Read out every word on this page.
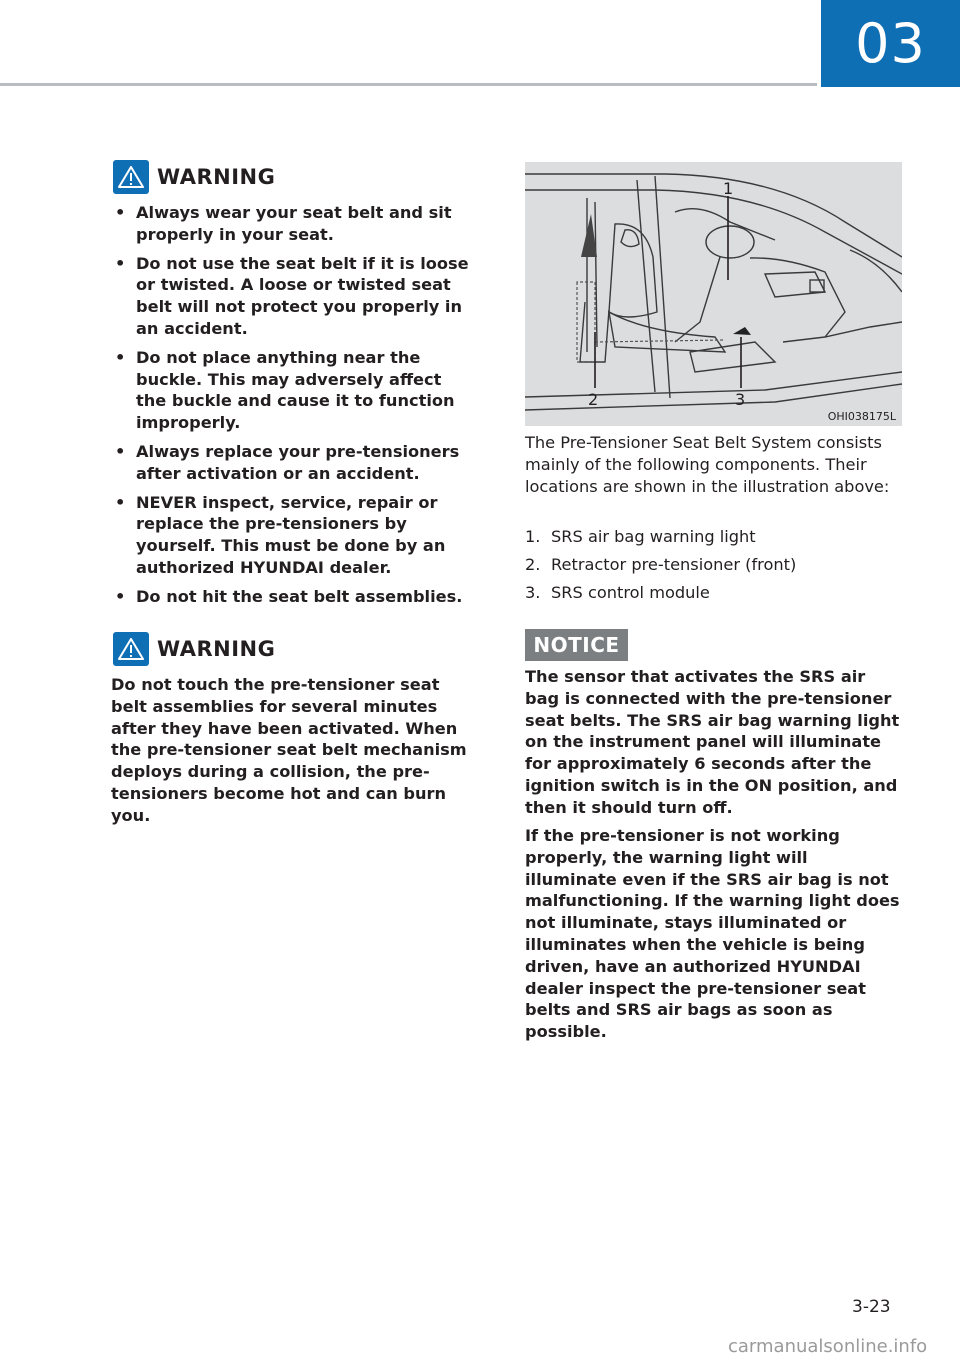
03
WARNING
• Always wear your seat belt and sit properly in your seat.
• Do not use the seat belt if it is loose or twisted. A loose or twisted seat belt will not protect you properly in an accident.
• Do not place anything near the buckle. This may adversely affect the buckle and cause it to function improperly.
• Always replace your pre-tensioners after activation or an accident.
• NEVER inspect, service, repair or replace the pre-tensioners by yourself. This must be done by an authorized HYUNDAI dealer.
• Do not hit the seat belt assemblies.
WARNING

Do not touch the pre-tensioner seat belt assemblies for several minutes after they have been activated. When the pre-tensioner seat belt mechanism deploys during a collision, the pre-tensioners become hot and can burn you.

1
2	3
OHI038175L

The Pre-Tensioner Seat Belt System consists mainly of the following components. Their locations are shown in the illustration above:

1. SRS air bag warning light
2. Retractor pre-tensioner (front)
3. SRS control module
NOTICE

The sensor that activates the SRS air bag is connected with the pre-tensioner seat belts. The SRS air bag warning light on the instrument panel will illuminate for approximately 6 seconds after the ignition switch is in the ON position, and then it should turn off.

If the pre-tensioner is not working properly, the warning light will illuminate even if the SRS air bag is not malfunctioning. If the warning light does not illuminate, stays illuminated or illuminates when the vehicle is being driven, have an authorized HYUNDAI dealer inspect the pre-tensioner seat belts and SRS air bags as soon as possible.

3-23
carmanualsonline.info
